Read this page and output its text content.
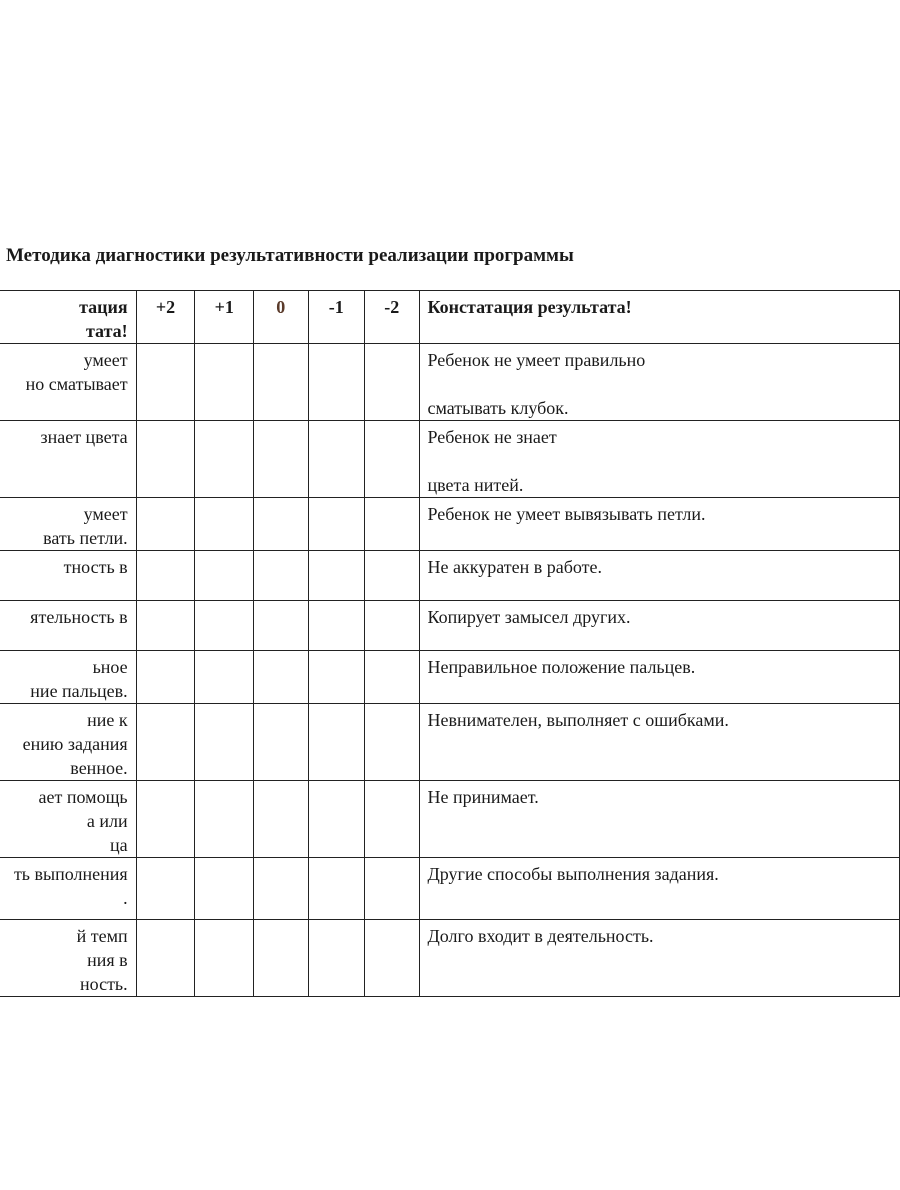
Методика диагностики результативности реализации программы
тация
тата!	+2	+1	0	-1	-2	Констатация результата!

умеет
но сматывает						Ребенок не умеет правильно

сматывать клубок.

знает цвета						Ребенок не знает

цвета нитей.

умеет
вать петли.						Ребенок не умеет вывязывать петли.

тность в						Не аккуратен в работе.

ятельность в						Копирует замысел других.

ьное
ние пальцев.						Неправильное положение пальцев.

ние к
ению задания
венное.						Невнимателен, выполняет с ошибками.

ает помощь
а или
ца						Не принимает.

ть выполнения
.						Другие способы выполнения задания.

й темп
ния в
ность.						Долго входит в деятельность.
